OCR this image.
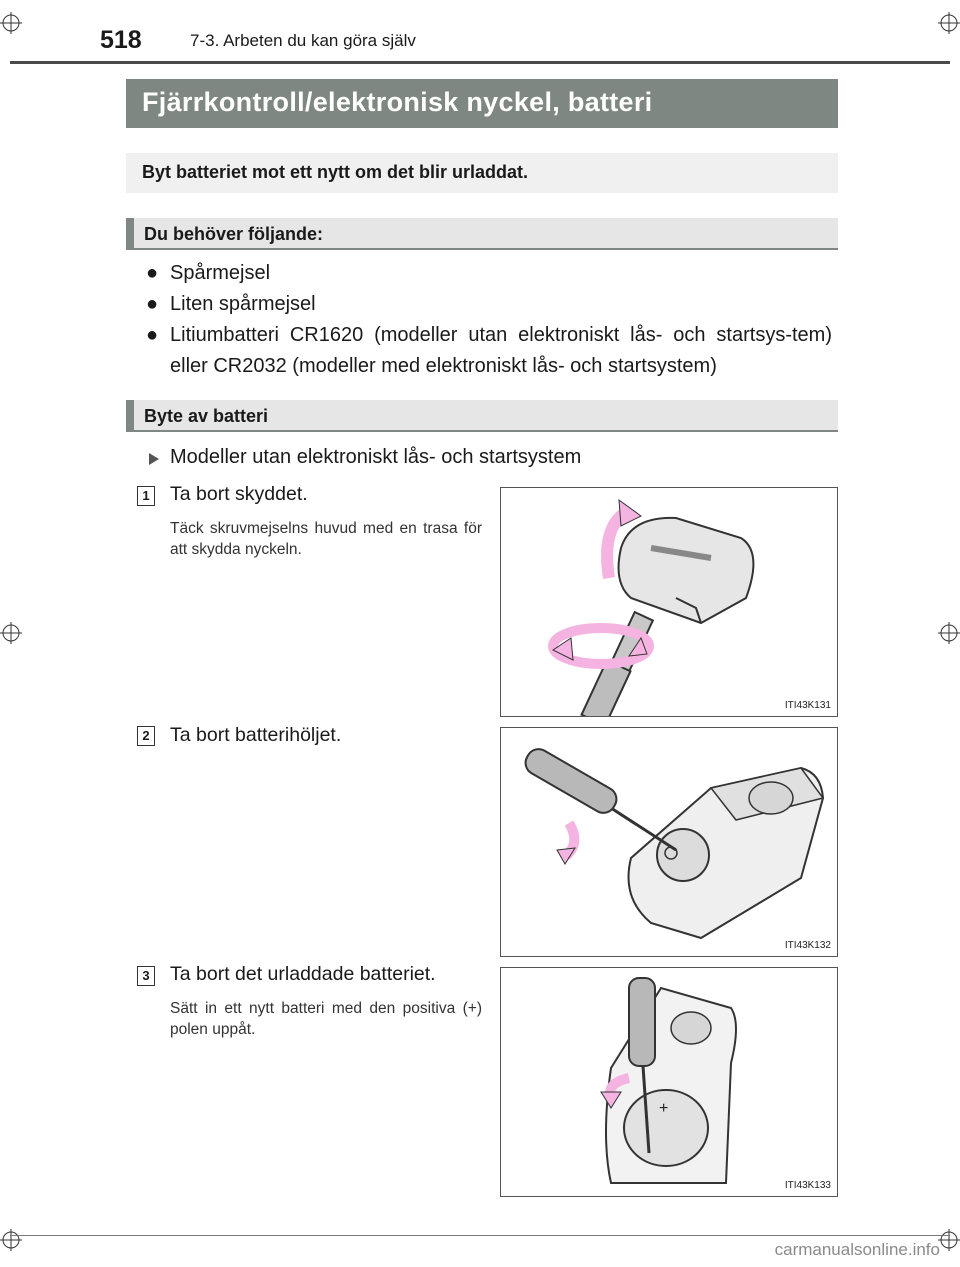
518	7-3. Arbeten du kan göra själv
Fjärrkontroll/elektronisk nyckel, batteri
Byt batteriet mot ett nytt om det blir urladdat.
Du behöver följande:
● Spårmejsel
● Liten spårmejsel
● Litiumbatteri CR1620 (modeller utan elektroniskt lås- och startsys-tem) eller CR2032 (modeller med elektroniskt lås- och startsystem)
Byte av batteri
Modeller utan elektroniskt lås- och startsystem
1 Ta bort skyddet.
Täck skruvmejselns huvud med en trasa för att skydda nyckeln.
ITI43K131
2 Ta bort batterihöljet.
ITI43K132
3 Ta bort det urladdade batteriet.
Sätt in ett nytt batteri med den positiva (+) polen uppåt.
+
ITI43K133
carmanualsonline.info
